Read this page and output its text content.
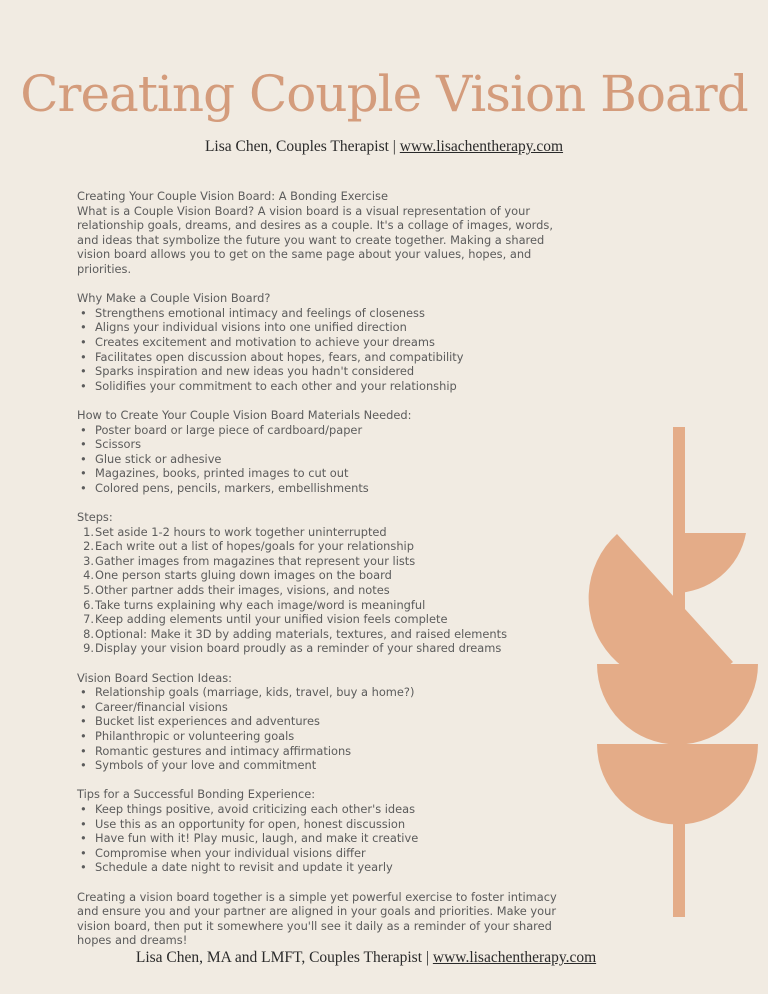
Creating Couple Vision Board
Lisa Chen, Couples Therapist | www.lisachentherapy.com

Creating Your Couple Vision Board: A Bonding Exercise

What is a Couple Vision Board? A vision board is a visual representation of your relationship goals, dreams, and desires as a couple. It's a collage of images, words, and ideas that symbolize the future you want to create together. Making a shared vision board allows you to get on the same page about your values, hopes, and priorities.

Why Make a Couple Vision Board?

• Strengthens emotional intimacy and feelings of closeness
• Aligns your individual visions into one unified direction
• Creates excitement and motivation to achieve your dreams
• Facilitates open discussion about hopes, fears, and compatibility
• Sparks inspiration and new ideas you hadn't considered
• Solidifies your commitment to each other and your relationship

How to Create Your Couple Vision Board Materials Needed:

• Poster board or large piece of cardboard/paper
• Scissors
• Glue stick or adhesive
• Magazines, books, printed images to cut out
• Colored pens, pencils, markers, embellishments

Steps:

1. Set aside 1-2 hours to work together uninterrupted
2. Each write out a list of hopes/goals for your relationship
3. Gather images from magazines that represent your lists
4. One person starts gluing down images on the board
5. Other partner adds their images, visions, and notes
6. Take turns explaining why each image/word is meaningful
7. Keep adding elements until your unified vision feels complete
8. Optional: Make it 3D by adding materials, textures, and raised elements
9. Display your vision board proudly as a reminder of your shared dreams

Vision Board Section Ideas:

• Relationship goals (marriage, kids, travel, buy a home?)
• Career/financial visions
• Bucket list experiences and adventures
• Philanthropic or volunteering goals
• Romantic gestures and intimacy affirmations
• Symbols of your love and commitment

Tips for a Successful Bonding Experience:

• Keep things positive, avoid criticizing each other's ideas
• Use this as an opportunity for open, honest discussion
• Have fun with it! Play music, laugh, and make it creative
• Compromise when your individual visions differ
• Schedule a date night to revisit and update it yearly

Creating a vision board together is a simple yet powerful exercise to foster intimacy and ensure you and your partner are aligned in your goals and priorities. Make your vision board, then put it somewhere you'll see it daily as a reminder of your shared hopes and dreams!

Lisa Chen, MA and LMFT, Couples Therapist | www.lisachentherapy.com
